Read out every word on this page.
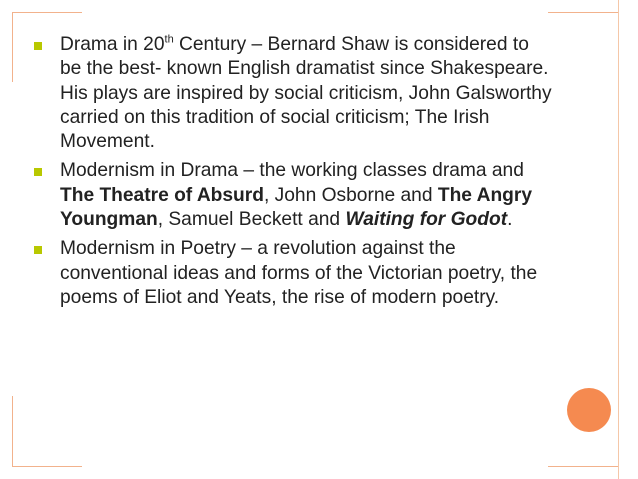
Drama in 20th Century – Bernard Shaw is considered to be the best- known English dramatist since Shakespeare. His plays are inspired by social criticism, John Galsworthy carried on this tradition of social criticism; The Irish Movement.
Modernism in Drama – the working classes drama and The Theatre of Absurd, John Osborne and The Angry Youngman, Samuel Beckett and Waiting for Godot.
Modernism in Poetry – a revolution against the conventional ideas and forms of the Victorian poetry, the poems of Eliot and Yeats, the rise of modern poetry.
